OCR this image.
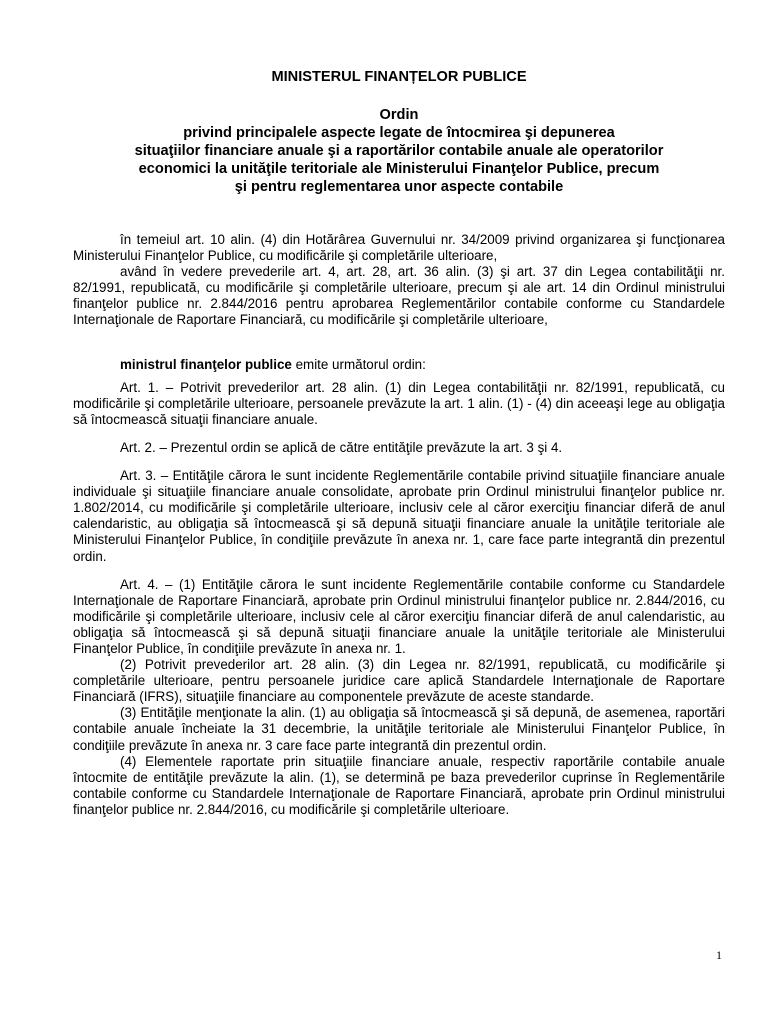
MINISTERUL FINANȚELOR PUBLICE

Ordin
privind principalele aspecte legate de întocmirea şi depunerea
situaţiilor financiare anuale şi a raportărilor contabile anuale ale operatorilor
economici la unităţile teritoriale ale Ministerului Finanţelor Publice, precum
şi pentru reglementarea unor aspecte contabile

în temeiul art. 10 alin. (4) din Hotărârea Guvernului nr. 34/2009 privind organizarea şi funcţionarea Ministerului Finanţelor Publice, cu modificările şi completările ulterioare,

având în vedere prevederile art. 4, art. 28, art. 36 alin. (3) şi art. 37 din Legea contabilităţii nr. 82/1991, republicată, cu modificările şi completările ulterioare, precum şi ale art. 14 din Ordinul ministrului finanţelor publice nr. 2.844/2016 pentru aprobarea Reglementărilor contabile conforme cu Standardele Internaţionale de Raportare Financiară, cu modificările şi completările ulterioare,

ministrul finanţelor publice emite următorul ordin:

Art. 1. – Potrivit prevederilor art. 28 alin. (1) din Legea contabilităţii nr. 82/1991, republicată, cu modificările şi completările ulterioare, persoanele prevăzute la art. 1 alin. (1) - (4) din aceeaşi lege au obligaţia să întocmească situaţii financiare anuale.

Art. 2. – Prezentul ordin se aplică de către entităţile prevăzute la art. 3 şi 4.

Art. 3. – Entităţile cărora le sunt incidente Reglementările contabile privind situaţiile financiare anuale individuale şi situaţiile financiare anuale consolidate, aprobate prin Ordinul ministrului finanţelor publice nr. 1.802/2014, cu modificările şi completările ulterioare, inclusiv cele al căror exerciţiu financiar diferă de anul calendaristic, au obligaţia să întocmească şi să depună situaţii financiare anuale la unităţile teritoriale ale Ministerului Finanţelor Publice, în condiţiile prevăzute în anexa nr. 1, care face parte integrantă din prezentul ordin.

Art. 4. – (1) Entităţile cărora le sunt incidente Reglementările contabile conforme cu Standardele Internaţionale de Raportare Financiară, aprobate prin Ordinul ministrului finanţelor publice nr. 2.844/2016, cu modificările şi completările ulterioare, inclusiv cele al căror exerciţiu financiar diferă de anul calendaristic, au obligaţia să întocmească şi să depună situaţii financiare anuale la unităţile teritoriale ale Ministerului Finanţelor Publice, în condiţiile prevăzute în anexa nr. 1.

(2) Potrivit prevederilor art. 28 alin. (3) din Legea nr. 82/1991, republicată, cu modificările şi completările ulterioare, pentru persoanele juridice care aplică Standardele Internaţionale de Raportare Financiară (IFRS), situaţiile financiare au componentele prevăzute de aceste standarde.

(3) Entităţile menţionate la alin. (1) au obligaţia să întocmească şi să depună, de asemenea, raportări contabile anuale încheiate la 31 decembrie, la unităţile teritoriale ale Ministerului Finanţelor Publice, în condiţiile prevăzute în anexa nr. 3 care face parte integrantă din prezentul ordin.

(4) Elementele raportate prin situaţiile financiare anuale, respectiv raportările contabile anuale întocmite de entităţile prevăzute la alin. (1), se determină pe baza prevederilor cuprinse în Reglementările contabile conforme cu Standardele Internaţionale de Raportare Financiară, aprobate prin Ordinul ministrului finanţelor publice nr. 2.844/2016, cu modificările şi completările ulterioare.

1
